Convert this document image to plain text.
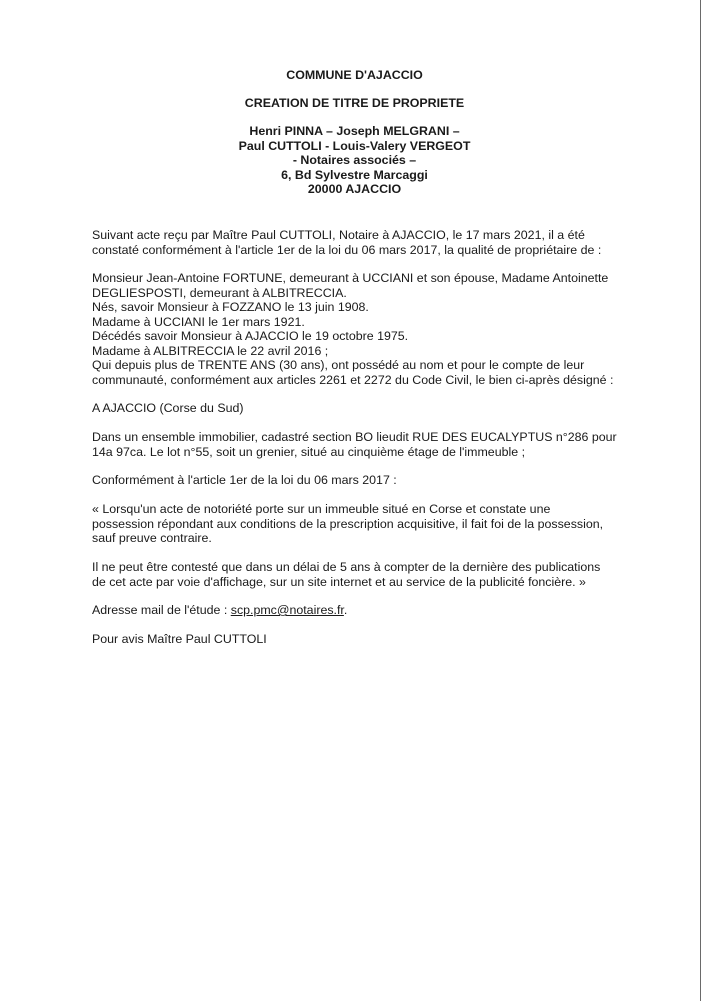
COMMUNE D'AJACCIO
CREATION DE TITRE DE PROPRIETE
Henri PINNA – Joseph MELGRANI –
Paul CUTTOLI - Louis-Valery VERGEOT
- Notaires associés –
6, Bd Sylvestre Marcaggi
20000 AJACCIO
Suivant acte reçu par Maître Paul CUTTOLI, Notaire à AJACCIO, le 17 mars 2021, il a été
constaté conformément à l'article 1er de la loi du 06 mars 2017, la qualité de propriétaire de :
Monsieur Jean-Antoine FORTUNE, demeurant à UCCIANI et son épouse, Madame Antoinette
DEGLIESPOSTI, demeurant à ALBITRECCIA.
Nés, savoir Monsieur à FOZZANO le 13 juin 1908.
Madame à UCCIANI le 1er mars 1921.
Décédés savoir Monsieur à AJACCIO le 19 octobre 1975.
Madame à ALBITRECCIA le 22 avril 2016 ;
Qui depuis plus de TRENTE ANS (30 ans), ont possédé au nom et pour le compte de leur
communauté, conformément aux articles 2261 et 2272 du Code Civil, le bien ci-après désigné :
A AJACCIO (Corse du Sud)
Dans un ensemble immobilier, cadastré section BO lieudit RUE DES EUCALYPTUS n°286 pour
14a 97ca. Le lot n°55, soit un grenier, situé au cinquième étage de l'immeuble ;
Conformément à l'article 1er de la loi du 06 mars 2017 :
« Lorsqu'un acte de notoriété porte sur un immeuble situé en Corse et constate une
possession répondant aux conditions de la prescription acquisitive, il fait foi de la possession,
sauf preuve contraire.
Il ne peut être contesté que dans un délai de 5 ans à compter de la dernière des publications
de cet acte par voie d'affichage, sur un site internet et au service de la publicité foncière. »
Adresse mail de l'étude : scp.pmc@notaires.fr.
Pour avis Maître Paul CUTTOLI
